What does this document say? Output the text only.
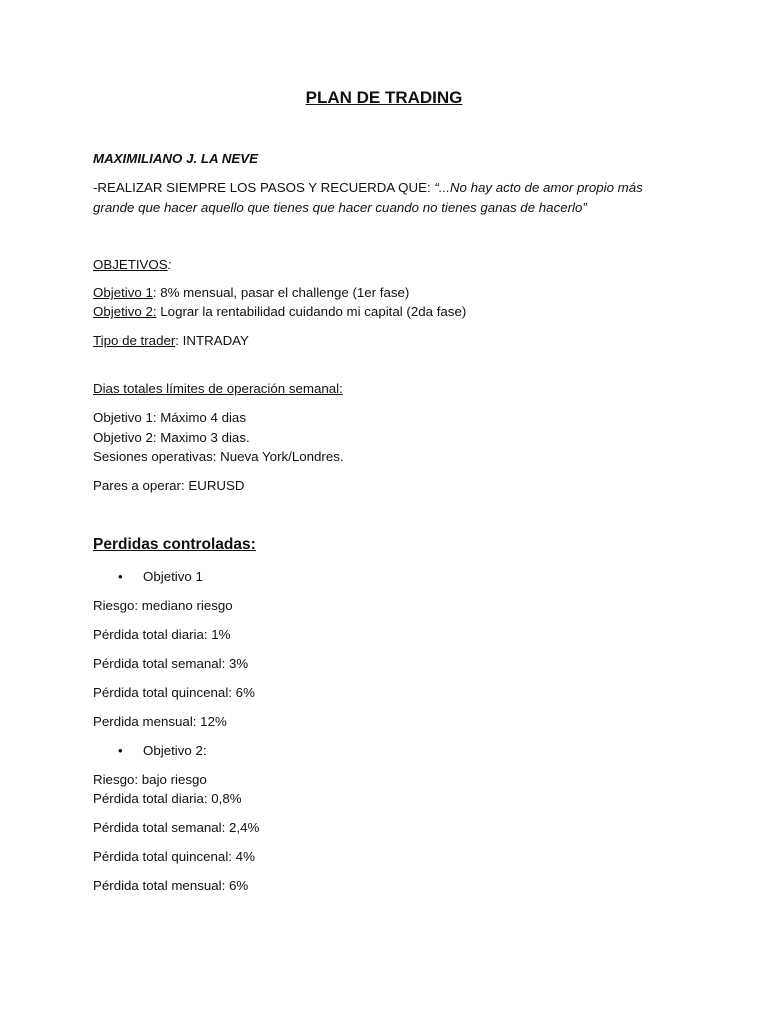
PLAN DE TRADING

MAXIMILIANO J. LA NEVE

-REALIZAR SIEMPRE LOS PASOS Y RECUERDA QUE: “...No hay acto de amor propio más grande que hacer aquello que tienes que hacer cuando no tienes ganas de hacerlo”

OBJETIVOS:

Objetivo 1: 8% mensual, pasar el challenge (1er fase)

Objetivo 2: Lograr la rentabilidad cuidando mi capital (2da fase)

Tipo de trader: INTRADAY

Dias totales límites de operación semanal:

Objetivo 1: Máximo 4 dias

Objetivo 2: Maximo 3 dias.

Sesiones operativas: Nueva York/Londres.

Pares a operar: EURUSD

Perdidas controladas:

• Objetivo 1

Riesgo: mediano riesgo

Pérdida total diaria: 1%

Pérdida total semanal: 3%

Pérdida total quincenal: 6%

Perdida mensual: 12%

• Objetivo 2:

Riesgo: bajo riesgo

Pérdida total diaria: 0,8%

Pérdida total semanal: 2,4%

Pérdida total quincenal: 4%

Pérdida total mensual: 6%
